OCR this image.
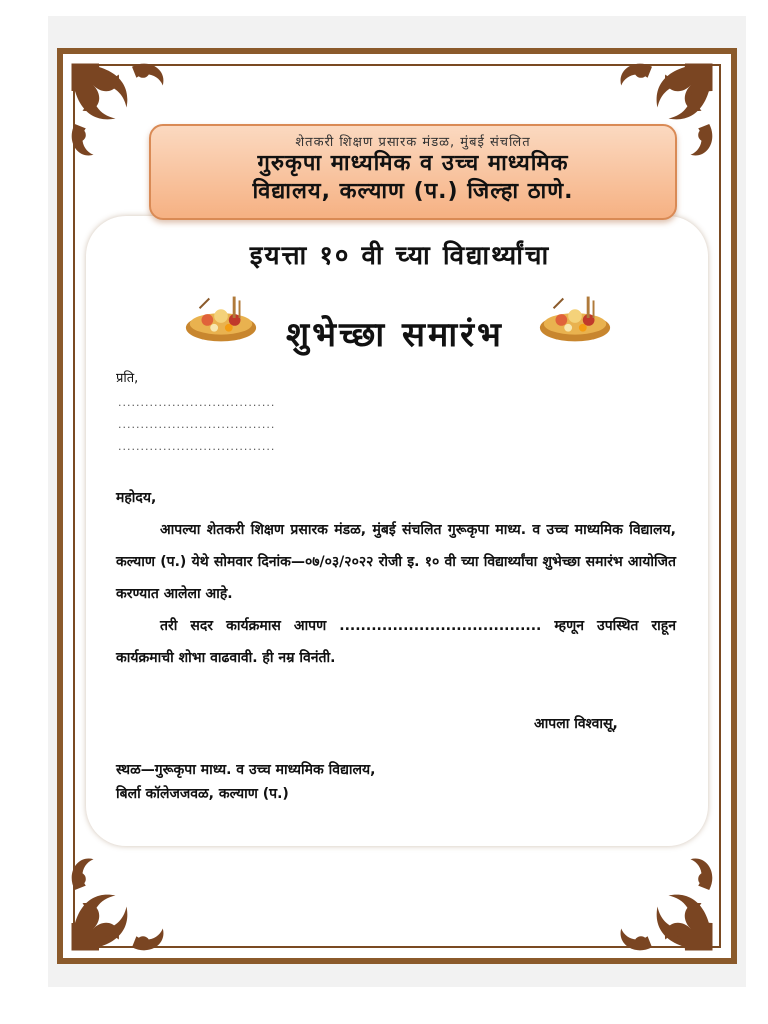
शेतकरी शिक्षण प्रसारक मंडळ, मुंबई संचलित
गुरुकृपा माध्यमिक व उच्च माध्यमिक
विद्यालय, कल्याण (प.) जिल्हा ठाणे.
इयत्ता १० वी च्या विद्यार्थ्यांचा
शुभेच्छा समारंभ
प्रति,
...................................
...................................
...................................
महोदय,
आपल्या शेतकरी शिक्षण प्रसारक मंडळ, मुंबई संचलित गुरूकृपा माध्य. व उच्च माध्यमिक विद्यालय, कल्याण (प.) येथे सोमवार दिनांक—०७/०३/२०२२ रोजी इ. १० वी च्या विद्यार्थ्यांचा शुभेच्छा समारंभ आयोजित करण्यात आलेला आहे.
तरी सदर कार्यक्रमास आपण ...................................... म्हणून उपस्थित राहून कार्यक्रमाची शोभा वाढवावी. ही नम्र विनंती.
आपला विश्वासू,
स्थळ—गुरूकृपा माध्य. व उच्च माध्यमिक विद्यालय,
बिर्ला कॉलेजजवळ, कल्याण (प.)
